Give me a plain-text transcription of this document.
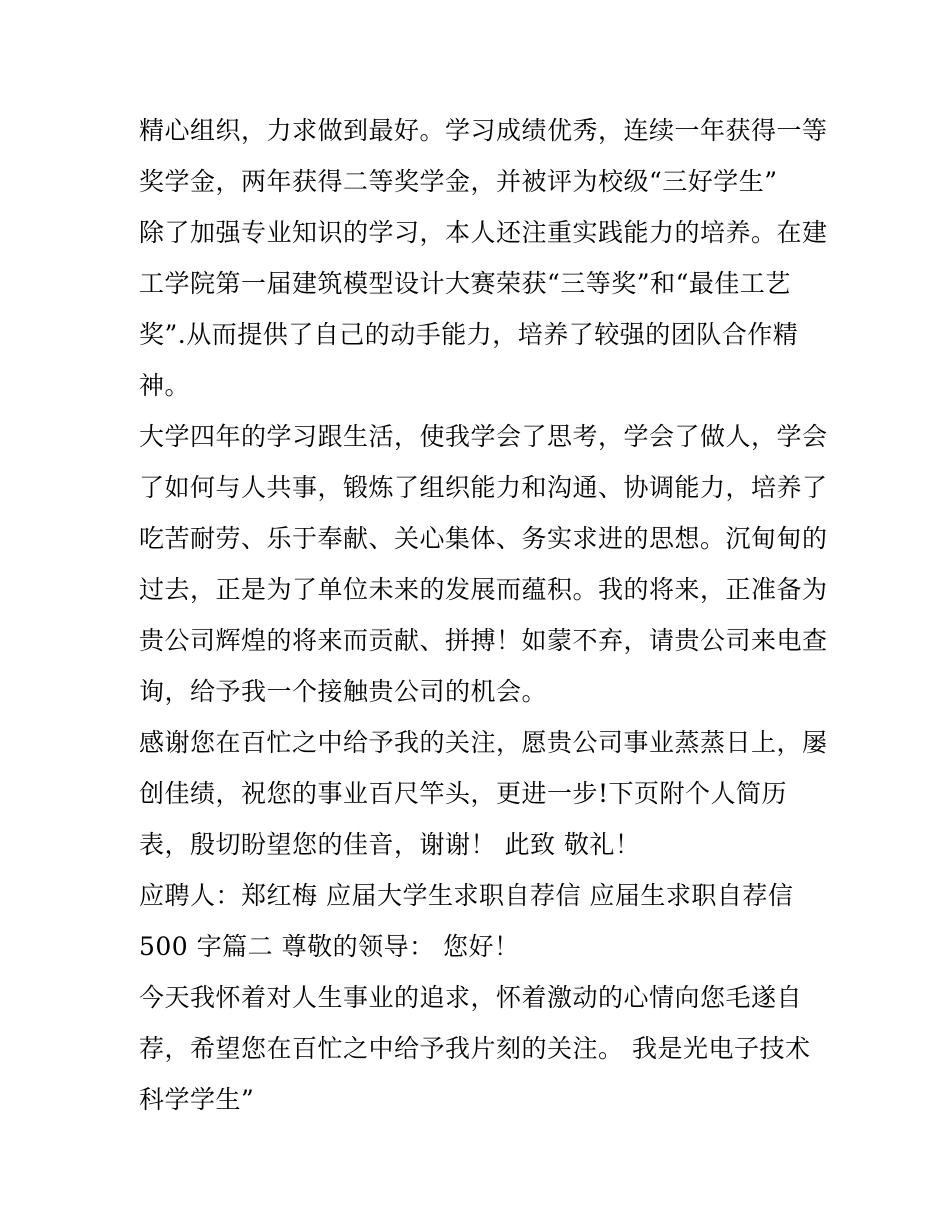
精心组织，力求做到最好。学习成绩优秀，连续一年获得一等
奖学金，两年获得二等奖学金，并被评为校级“三好学生”
除了加强专业知识的学习，本人还注重实践能力的培养。在建
工学院第一届建筑模型设计大赛荣获“三等奖”和“最佳工艺
奖”.从而提供了自己的动手能力，培养了较强的团队合作精
神。
大学四年的学习跟生活，使我学会了思考，学会了做人，学会
了如何与人共事，锻炼了组织能力和沟通、协调能力，培养了
吃苦耐劳、乐于奉献、关心集体、务实求进的思想。沉甸甸的
过去，正是为了单位未来的发展而蕴积。我的将来，正准备为
贵公司辉煌的将来而贡献、拼搏！如蒙不弃，请贵公司来电查
询，给予我一个接触贵公司的机会。
感谢您在百忙之中给予我的关注，愿贵公司事业蒸蒸日上，屡
创佳绩，祝您的事业百尺竿头，更进一步!下页附个人简历
表，殷切盼望您的佳音，谢谢！ 此致 敬礼！
应聘人：郑红梅 应届大学生求职自荐信 应届生求职自荐信
500 字篇二 尊敬的领导： 您好！
今天我怀着对人生事业的追求，怀着激动的心情向您毛遂自
荐，希望您在百忙之中给予我片刻的关注。 我是光电子技术
科学学生”
